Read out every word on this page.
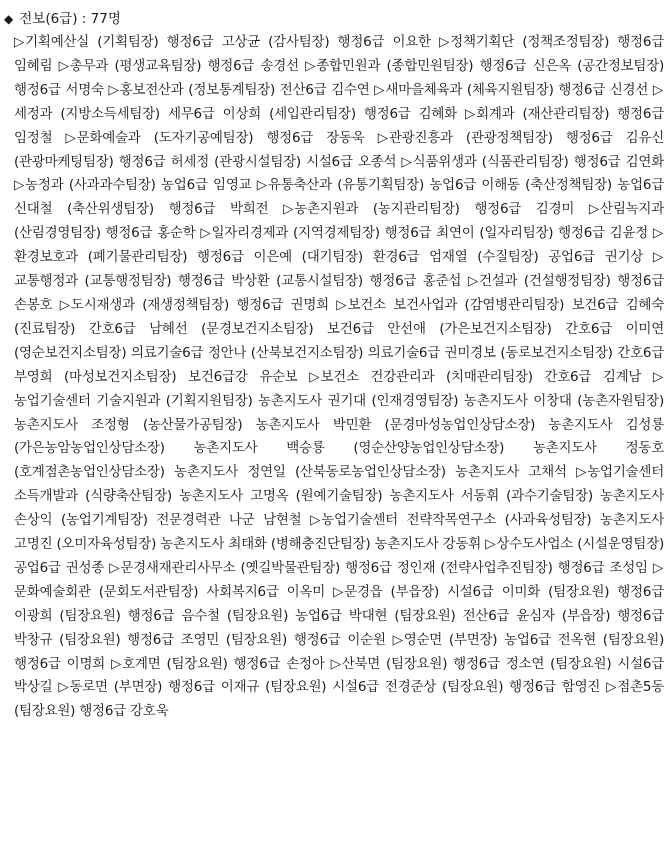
◆ 전보(6급) : 77명
▷기획예산실 (기획팀장) 행정6급 고상균 (감사팀장) 행정6급 이요한 ▷정책기획단 (정책조정팀장) 행정6급 임혜림 ▷총무과 (평생교육팀장) 행정6급 송경선 ▷종합민원과 (종합민원팀장) 행정6급 신은옥 (공간정보팀장) 행정6급 서명숙 ▷홍보전산과 (정보통계팀장) 전산6급 김수연 ▷새마을체육과 (체육지원팀장) 행정6급 신경선 ▷세정과 (지방소득세팀장) 세무6급 이상희 (세입관리팀장) 행정6급 김혜화 ▷회계과 (재산관리팀장) 행정6급 임정철 ▷문화예술과 (도자기공예팀장) 행정6급 장동욱 ▷관광진흥과 (관광정책팀장) 행정6급 김유신 (관광마케팅팀장) 행정6급 허세정 (관광시설팀장) 시설6급 오종석 ▷식품위생과 (식품관리팀장) 행정6급 김연화 ▷농정과 (사과과수팀장) 농업6급 임영교 ▷유통축산과 (유통기획팀장) 농업6급 이해동 (축산정책팀장) 농업6급 신대철 (축산위생팀장) 행정6급 박희전 ▷농촌지원과 (농지관리팀장) 행정6급 김경미 ▷산림녹지과 (산림경영팀장) 행정6급 홍순학 ▷일자리경제과 (지역경제팀장) 행정6급 최연이 (일자리팀장) 행정6급 김윤정 ▷환경보호과 (폐기물관리팀장) 행정6급 이은예 (대기팀장) 환경6급 엄재열 (수질팀장) 공업6급 권기상 ▷교통행정과 (교통행정팀장) 행정6급 박상환 (교통시설팀장) 행정6급 홍준섭 ▷건설과 (건설행정팀장) 행정6급 손봉호 ▷도시재생과 (재생정책팀장) 행정6급 권명희 ▷보건소 보건사업과 (감염병관리팀장) 보건6급 김혜숙 (진료팀장) 간호6급 남혜선 (문경보건지소팀장) 보건6급 안선애 (가은보건지소팀장) 간호6급 이미연 (영순보건지소팀장) 의료기술6급 정안나 (산북보건지소팀장) 의료기술6급 권미경보 (동로보건지소팀장) 간호6급 부영희 (마성보건지소팀장) 보건6급강 유순보 ▷보건소 건강관리과 (치매관리팀장) 간호6급 김계남 ▷농업기술센터 기술지원과 (기획지원팀장) 농촌지도사 권기대 (인재경영팀장) 농촌지도사 이창대 (농촌자원팀장) 농촌지도사 조정형 (농산물가공팀장) 농촌지도사 박민환 (문경마성농업인상담소장) 농촌지도사 김성룡 (가은농암농업인상담소장) 농촌지도사 백승룡 (영순산양농업인상담소장) 농촌지도사 정동호 (호계점촌농업인상담소장) 농촌지도사 정연일 (산북동로농업인상담소장) 농촌지도사 고채석 ▷농업기술센터 소득개발과 (식량축산팀장) 농촌지도사 고명옥 (원예기술팀장) 농촌지도사 서동휘 (과수기술팀장) 농촌지도사 손상익 (농업기계팀장) 전문경력관 나군 남현철 ▷농업기술센터 전략작목연구소 (사과육성팀장) 농촌지도사 고명진 (오미자육성팀장) 농촌지도사 최태화 (병해충진단팀장) 농촌지도사 강동휘 ▷상수도사업소 (시설운영팀장) 공업6급 권성종 ▷문경새재관리사무소 (옛길박물관팀장) 행정6급 정인재 (전략사업추진팀장) 행정6급 조성임 ▷문화예술회관 (문회도서관팀장) 사회복지6급 이옥미 ▷문경읍 (부읍장) 시설6급 이미화 (팀장요원) 행정6급 이광희 (팀장요원) 행정6급 음수철 (팀장요원) 농업6급 박대현 (팀장요원) 전산6급 윤심자 (부읍장) 행정6급 박창규 (팀장요원) 행정6급 조영민 (팀장요원) 행정6급 이순원 ▷영순면 (부면장) 농업6급 전옥현 (팀장요원) 행정6급 이명희 ▷호계면 (팀장요원) 행정6급 손정아 ▷산북면 (팀장요원) 행정6급 정소연 (팀장요원) 시설6급 박상길 ▷동로면 (부면장) 행정6급 이재규 (팀장요원) 시설6급 전경준상 (팀장요원) 행정6급 함영진 ▷점촌5동 (팀장요원) 행정6급 강호욱
